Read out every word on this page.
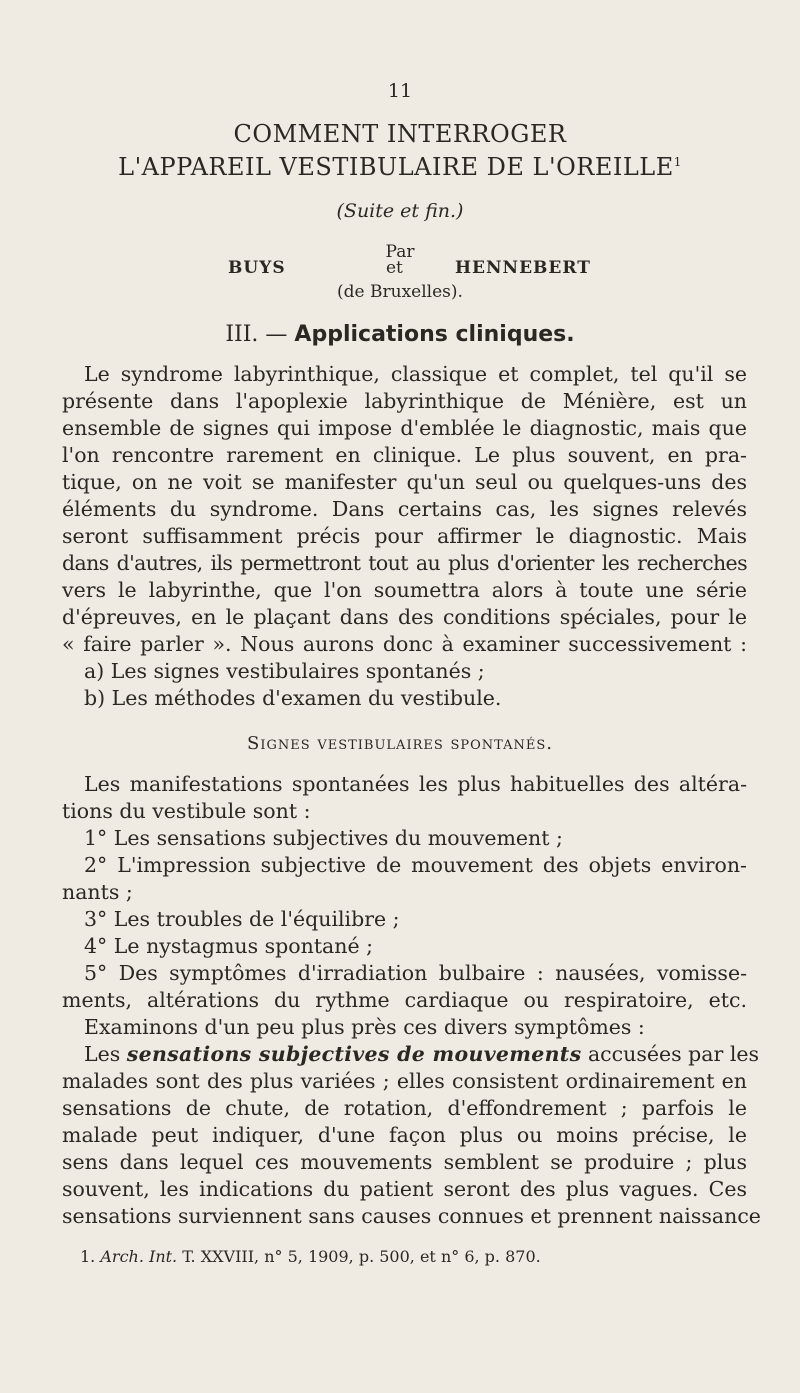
11
COMMENT INTERROGER
L'APPAREIL VESTIBULAIRE DE L'OREILLE$^1$
(Suite et fin.)
Par
BUYS	et	HENNEBERT
(de Bruxelles).
III. — Applications cliniques.
Le syndrome labyrinthique, classique et complet, tel qu'il se
présente dans l'apoplexie labyrinthique de Ménière, est un
ensemble de signes qui impose d'emblée le diagnostic, mais que
l'on rencontre rarement en clinique. Le plus souvent, en pra-
tique, on ne voit se manifester qu'un seul ou quelques-uns des
éléments du syndrome. Dans certains cas, les signes relevés
seront suffisamment précis pour affirmer le diagnostic. Mais
dans d'autres, ils permettront tout au plus d'orienter les recherches
vers le labyrinthe, que l'on soumettra alors à toute une série
d'épreuves, en le plaçant dans des conditions spéciales, pour le
« faire parler ». Nous aurons donc à examiner successivement :
a) Les signes vestibulaires spontanés ;
b) Les méthodes d'examen du vestibule.
Signes vestibulaires spontanés.
Les manifestations spontanées les plus habituelles des altéra-
tions du vestibule sont :
1° Les sensations subjectives du mouvement ;
2° L'impression subjective de mouvement des objets environ-
nants ;
3° Les troubles de l'équilibre ;
4° Le nystagmus spontané ;
5° Des symptômes d'irradiation bulbaire : nausées, vomisse-
ments, altérations du rythme cardiaque ou respiratoire, etc.
Examinons d'un peu plus près ces divers symptômes :
Les sensations subjectives de mouvements accusées par les
malades sont des plus variées ; elles consistent ordinairement en
sensations de chute, de rotation, d'effondrement ; parfois le
malade peut indiquer, d'une façon plus ou moins précise, le
sens dans lequel ces mouvements semblent se produire ; plus
souvent, les indications du patient seront des plus vagues. Ces
sensations surviennent sans causes connues et prennent naissance
1. Arch. Int. T. XXVIII, n° 5, 1909, p. 500, et n° 6, p. 870.
